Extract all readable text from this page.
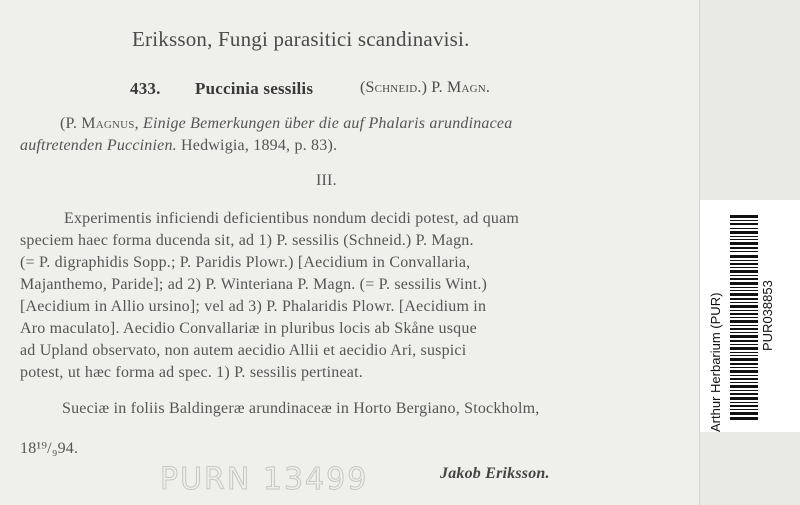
Eriksson, Fungi parasitici scandinavisi.
433. Puccinia sessilis	(Schneid.) P. Magn.
(P. Magnus, Einige Bemerkungen über die auf Phalaris arundinacea
auftretenden Puccinien. Hedwigia, 1894, p. 83).
III.
Experimentis inficiendi deficientibus nondum decidi potest, ad quam
speciem haec forma ducenda sit, ad 1) P. sessilis (Schneid.) P. Magn.
(= P. digraphidis Sopp.; P. Paridis Plowr.) [Aecidium in Convallaria,
Majanthemo, Paride]; ad 2) P. Winteriana P. Magn. (= P. sessilis Wint.)
[Aecidium in Allio ursino]; vel ad 3) P. Phalaridis Plowr. [Aecidium in
Aro maculato]. Aecidio Convallariæ in pluribus locis ab Skåne usque
ad Upland observato, non autem aecidio Allii et aecidio Ari, suspici
potest, ut hæc forma ad spec. 1) P. sessilis pertineat.
Sueciæ in foliis Baldingeræ arundinaceæ in Horto Bergiano, Stockholm,
18¹⁹/₉94.
PURN 13499	Jakob Eriksson.
Arthur Herbarium (PUR)	PUR038853
